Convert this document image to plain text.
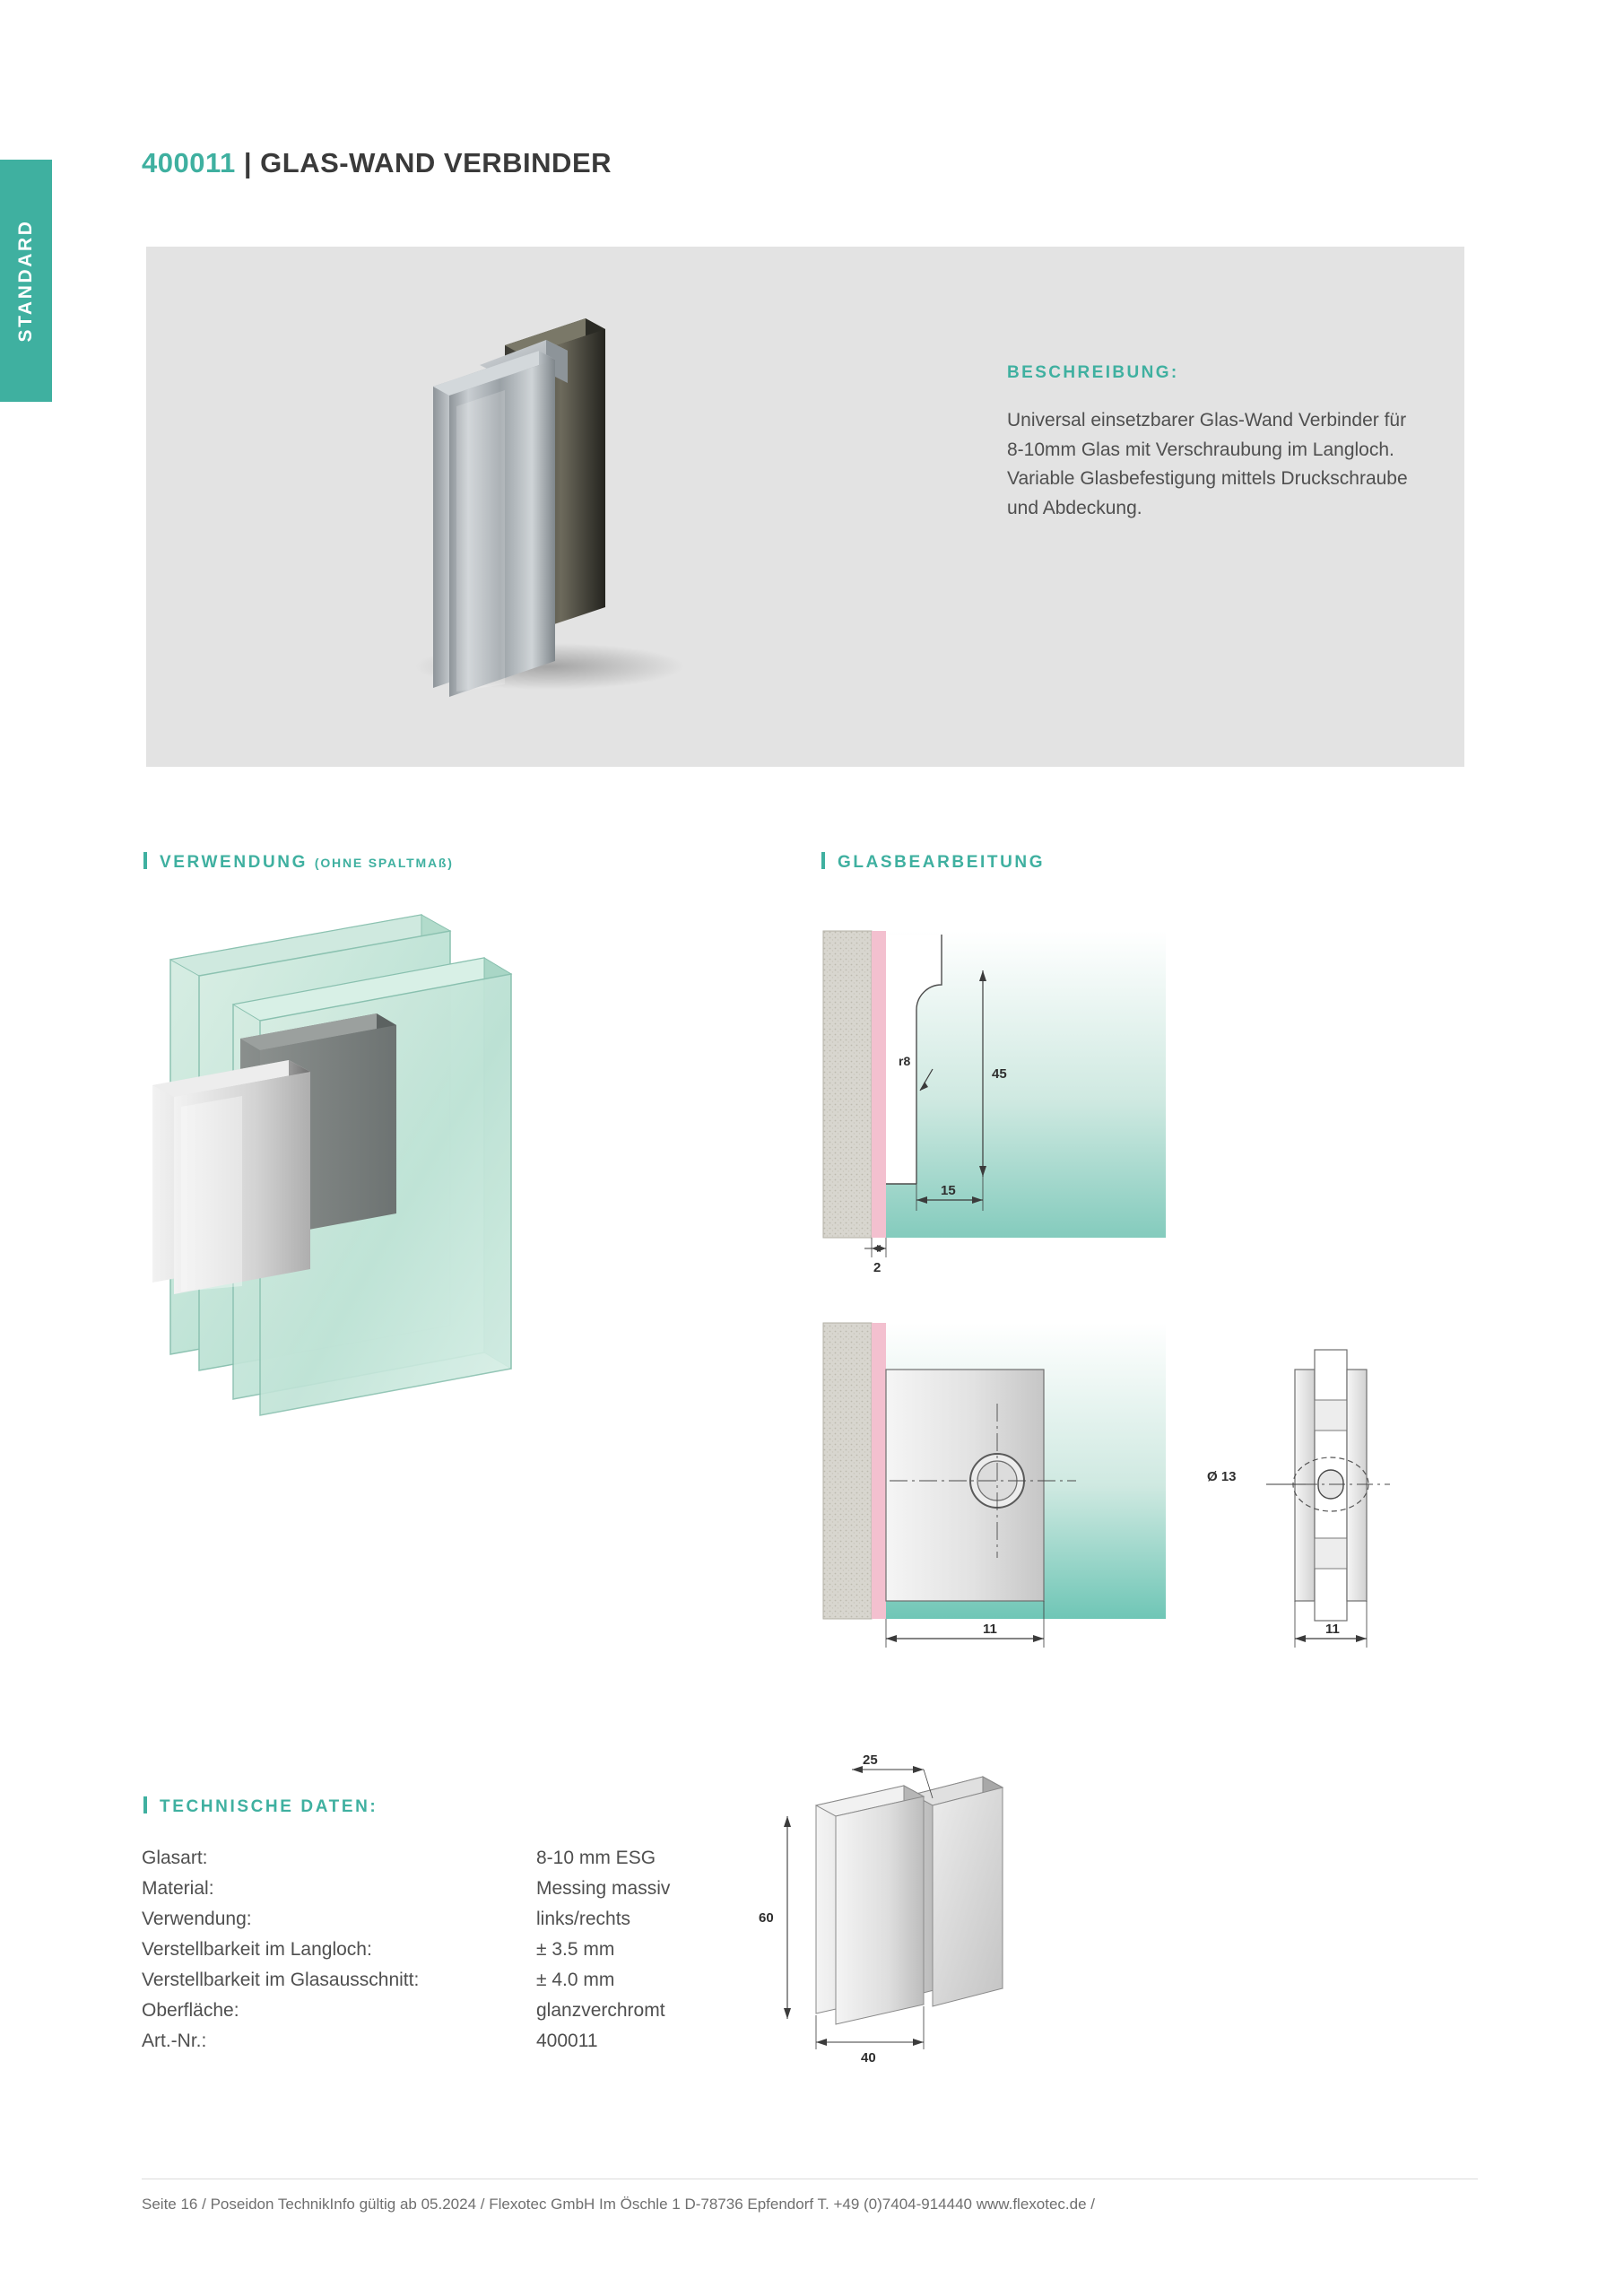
STANDARD
400011 | GLAS-WAND VERBINDER
BESCHREIBUNG:

Universal einsetzbarer Glas-Wand Verbinder für 8-10mm Glas mit Verschraubung im Langloch. Variable Glasbefestigung mittels Druckschraube und Abdeckung.

VERWENDUNG (OHNE SPALTMAß)	GLASBEARBEITUNG
TECHNISCHE DATEN:
45
r8
15
2
11
Ø 13
11
25
60
40
Glasart:	8-10 mm ESG
Material:	Messing massiv
Verwendung:	links/rechts
Verstellbarkeit im Langloch:	± 3.5 mm
Verstellbarkeit im Glasausschnitt:	± 4.0 mm
Oberfläche:	glanzverchromt
Art.-Nr.:	400011
Seite 16 / Poseidon TechnikInfo gültig ab 05.2024 / Flexotec GmbH Im Öschle 1 D-78736 Epfendorf T. +49 (0)7404-914440 www.flexotec.de /
